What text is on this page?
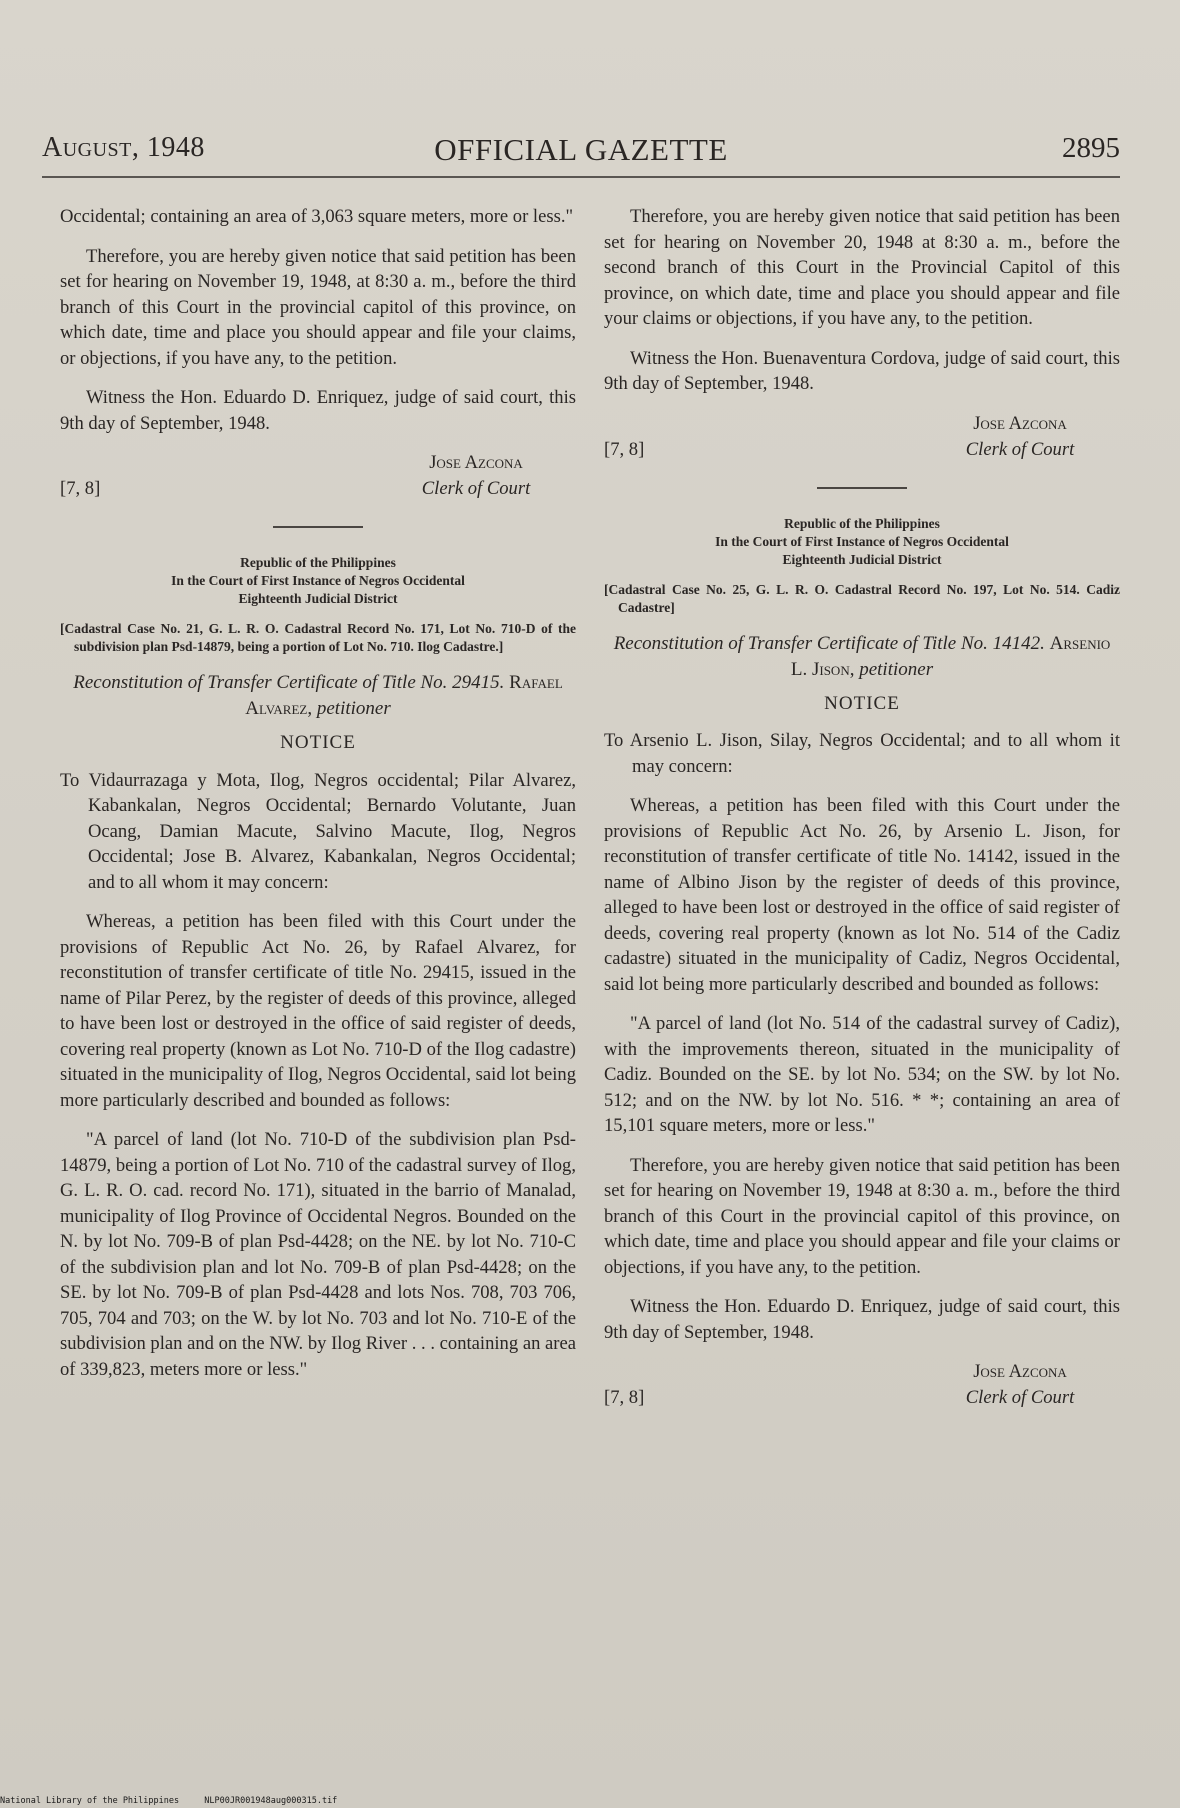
August, 1948	OFFICIAL GAZETTE	2895

Occidental; containing an area of 3,063 square meters, more or less."

Therefore, you are hereby given notice that said petition has been set for hearing on November 19, 1948, at 8:30 a. m., before the third branch of this Court in the provincial capitol of this province, on which date, time and place you should appear and file your claims, or objections, if you have any, to the petition.

Witness the Hon. Eduardo D. Enriquez, judge of said court, this 9th day of September, 1948.

[7, 8]
Jose Azcona
Clerk of Court
Republic of the Philippines
In the Court of First Instance of Negros Occidental
Eighteenth Judicial District

[Cadastral Case No. 21, G. L. R. O. Cadastral Record No. 171, Lot No. 710-D of the subdivision plan Psd-14879, being a portion of Lot No. 710. Ilog Cadastre.]

Reconstitution of Transfer Certificate of Title No. 29415. Rafael Alvarez, petitioner
NOTICE

To Vidaurrazaga y Mota, Ilog, Negros occidental; Pilar Alvarez, Kabankalan, Negros Occidental; Bernardo Volutante, Juan Ocang, Damian Macute, Salvino Macute, Ilog, Negros Occidental; Jose B. Alvarez, Kabankalan, Negros Occidental; and to all whom it may concern:

Whereas, a petition has been filed with this Court under the provisions of Republic Act No. 26, by Rafael Alvarez, for reconstitution of transfer certificate of title No. 29415, issued in the name of Pilar Perez, by the register of deeds of this province, alleged to have been lost or destroyed in the office of said register of deeds, covering real property (known as Lot No. 710-D of the Ilog cadastre) situated in the municipality of Ilog, Negros Occidental, said lot being more particularly described and bounded as follows:

"A parcel of land (lot No. 710-D of the subdivision plan Psd-14879, being a portion of Lot No. 710 of the cadastral survey of Ilog, G. L. R. O. cad. record No. 171), situated in the barrio of Manalad, municipality of Ilog Province of Occidental Negros. Bounded on the N. by lot No. 709-B of plan Psd-4428; on the NE. by lot No. 710-C of the subdivision plan and lot No. 709-B of plan Psd-4428; on the SE. by lot No. 709-B of plan Psd-4428 and lots Nos. 708, 703 706, 705, 704 and 703; on the W. by lot No. 703 and lot No. 710-E of the subdivision plan and on the NW. by Ilog River . . . containing an area of 339,823, meters more or less."

Therefore, you are hereby given notice that said petition has been set for hearing on November 20, 1948 at 8:30 a. m., before the second branch of this Court in the Provincial Capitol of this province, on which date, time and place you should appear and file your claims or objections, if you have any, to the petition.

Witness the Hon. Buenaventura Cordova, judge of said court, this 9th day of September, 1948.

[7, 8]
Jose Azcona
Clerk of Court
Republic of the Philippines
In the Court of First Instance of Negros Occidental
Eighteenth Judicial District

[Cadastral Case No. 25, G. L. R. O. Cadastral Record No. 197, Lot No. 514. Cadiz Cadastre]

Reconstitution of Transfer Certificate of Title No. 14142. Arsenio L. Jison, petitioner
NOTICE

To Arsenio L. Jison, Silay, Negros Occidental; and to all whom it may concern:

Whereas, a petition has been filed with this Court under the provisions of Republic Act No. 26, by Arsenio L. Jison, for reconstitution of transfer certificate of title No. 14142, issued in the name of Albino Jison by the register of deeds of this province, alleged to have been lost or destroyed in the office of said register of deeds, covering real property (known as lot No. 514 of the Cadiz cadastre) situated in the municipality of Cadiz, Negros Occidental, said lot being more particularly described and bounded as follows:

"A parcel of land (lot No. 514 of the cadastral survey of Cadiz), with the improvements thereon, situated in the municipality of Cadiz. Bounded on the SE. by lot No. 534; on the SW. by lot No. 512; and on the NW. by lot No. 516. * *; containing an area of 15,101 square meters, more or less."

Therefore, you are hereby given notice that said petition has been set for hearing on November 19, 1948 at 8:30 a. m., before the third branch of this Court in the provincial capitol of this province, on which date, time and place you should appear and file your claims or objections, if you have any, to the petition.

Witness the Hon. Eduardo D. Enriquez, judge of said court, this 9th day of September, 1948.

[7, 8]
Jose Azcona
Clerk of Court
National Library of the Philippines	NLP00JR001948aug000315.tif
